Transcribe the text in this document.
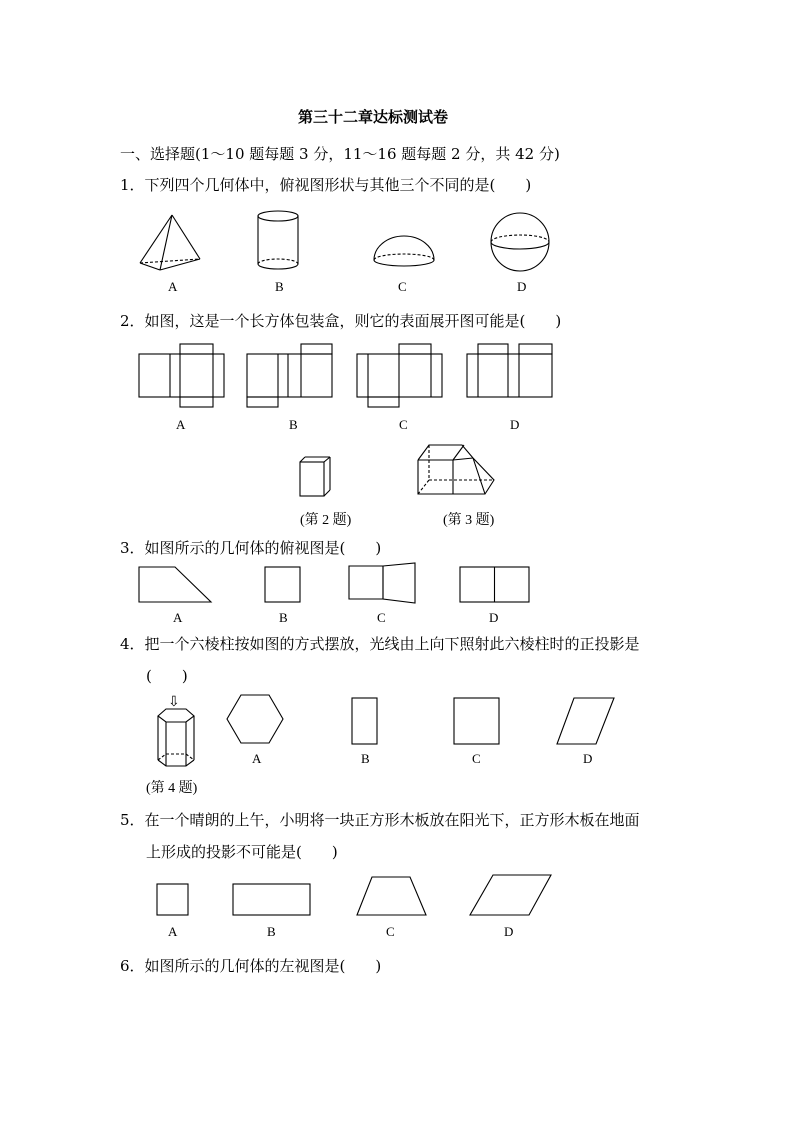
第三十二章达标测试卷
一、选择题(1～10 题每题 3 分，11～16 题每题 2 分，共 42 分)
1．下列四个几何体中，俯视图形状与其他三个不同的是(　　)
A	B	C	D
2．如图，这是一个长方体包装盒，则它的表面展开图可能是(　　)
A	B	C	D
(第 2 题)	(第 3 题)
3．如图所示的几何体的俯视图是(　　)
A	B	C	D
4．把一个六棱柱按如图的方式摆放，光线由上向下照射此六棱柱时的正投影是
(　　)
⇩
(第 4 题)
A	B	C	D
5．在一个晴朗的上午，小明将一块正方形木板放在阳光下，正方形木板在地面
上形成的投影不可能是(　　)
A	B	C	D
6．如图所示的几何体的左视图是(　　)
